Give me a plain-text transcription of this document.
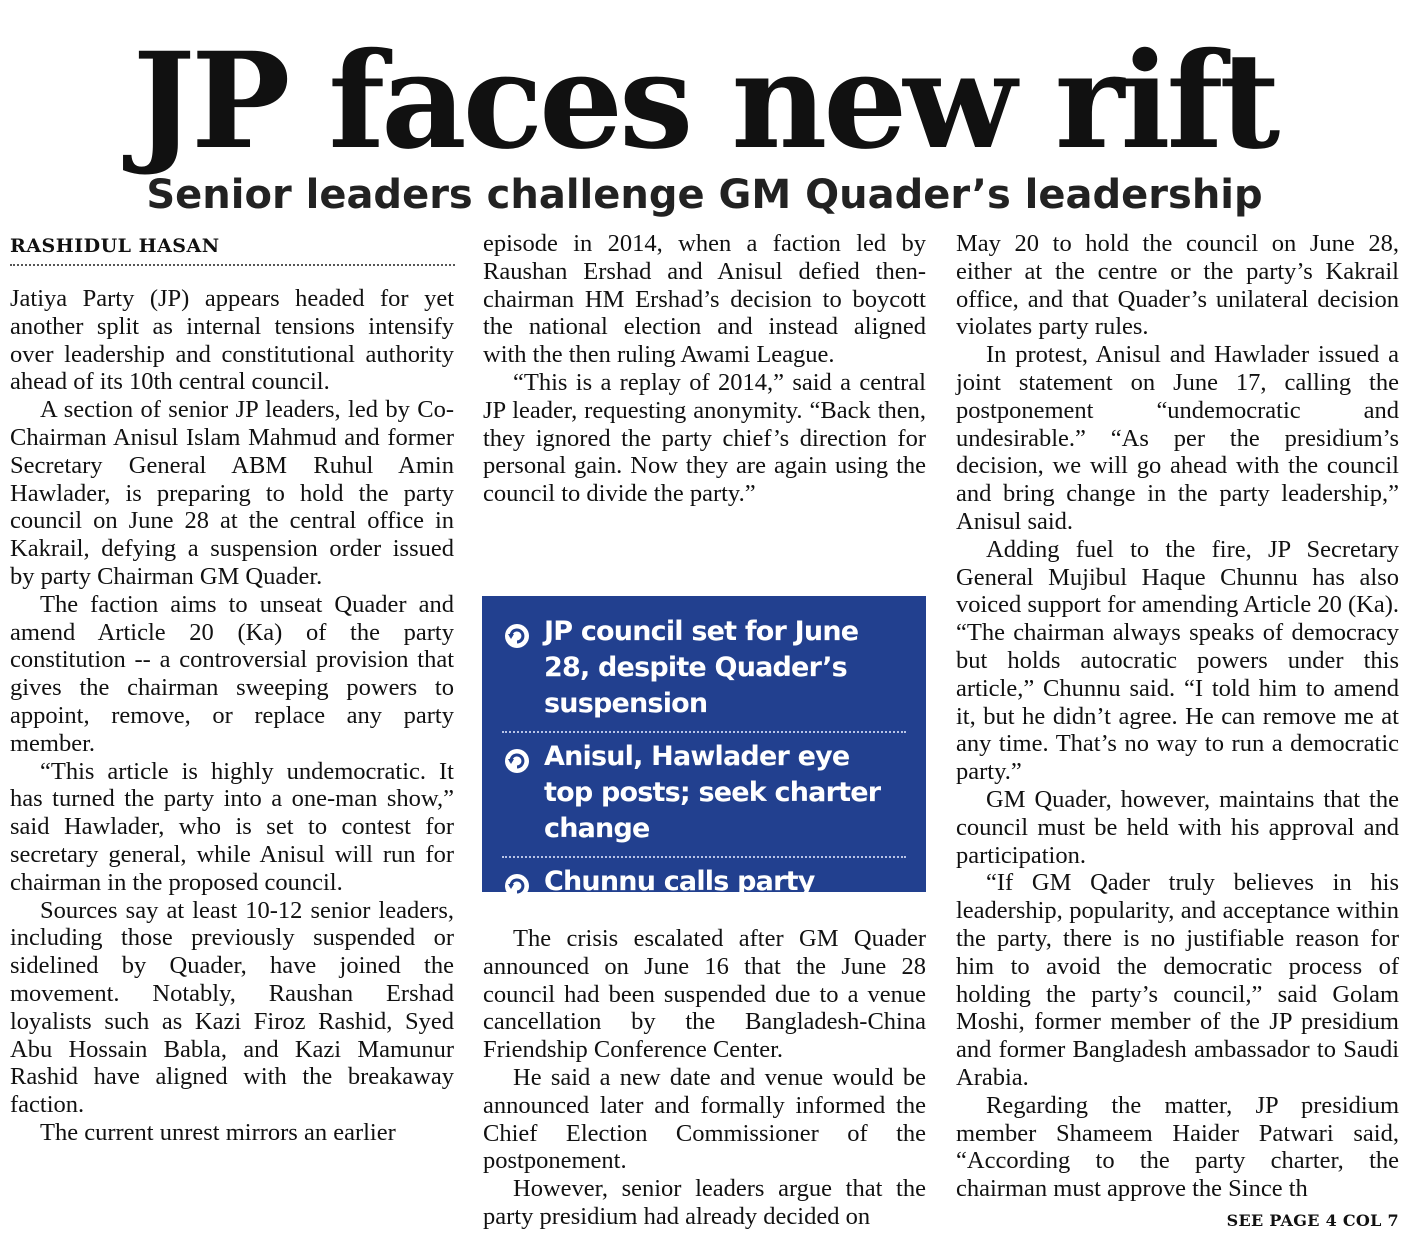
JP faces new rift
Senior leaders challenge GM Quader’s leadership
RASHIDUL HASAN

Jatiya Party (JP) appears headed for yet another split as internal tensions intensify over leadership and constitutional authority ahead of its 10th central council.

A section of senior JP leaders, led by Co-Chairman Anisul Islam Mahmud and former Secretary General ABM Ruhul Amin Hawlader, is preparing to hold the party council on June 28 at the central office in Kakrail, defying a suspension order issued by party Chairman GM Quader.

The faction aims to unseat Quader and amend Article 20 (Ka) of the party constitution -- a controversial provision that gives the chairman sweeping powers to appoint, remove, or replace any party member.

“This article is highly undemocratic. It has turned the party into a one-man show,” said Hawlader, who is set to contest for secretary general, while Anisul will run for chairman in the proposed council.

Sources say at least 10-12 senior leaders, including those previously suspended or sidelined by Quader, have joined the movement. Notably, Raushan Ershad loyalists such as Kazi Firoz Rashid, Syed Abu Hossain Babla, and Kazi Mamunur Rashid have aligned with the breakaway faction.

The current unrest mirrors an earlier

episode in 2014, when a faction led by Raushan Ershad and Anisul defied then-chairman HM Ershad’s decision to boycott the national election and instead aligned with the then ruling Awami League.

“This is a replay of 2014,” said a central JP leader, requesting anonymity. “Back then, they ignored the party chief’s direction for personal gain. Now they are again using the council to divide the party.”

JP council set for June 28, despite Quader’s suspension
Anisul, Hawlader eye top posts; seek charter change
Chunnu calls party leadership ‘autocratic’

The crisis escalated after GM Quader announced on June 16 that the June 28 council had been suspended due to a venue cancellation by the Bangladesh-China Friendship Conference Center.

He said a new date and venue would be announced later and formally informed the Chief Election Commissioner of the postponement.

However, senior leaders argue that the party presidium had already decided on

May 20 to hold the council on June 28, either at the centre or the party’s Kakrail office, and that Quader’s unilateral decision violates party rules.

In protest, Anisul and Hawlader issued a joint statement on June 17, calling the postponement “undemocratic and undesirable.” “As per the presidium’s decision, we will go ahead with the council and bring change in the party leadership,” Anisul said.

Adding fuel to the fire, JP Secretary General Mujibul Haque Chunnu has also voiced support for amending Article 20 (Ka). “The chairman always speaks of democracy but holds autocratic powers under this article,” Chunnu said. “I told him to amend it, but he didn’t agree. He can remove me at any time. That’s no way to run a democratic party.”

GM Quader, however, maintains that the council must be held with his approval and participation.

“If GM Qader truly believes in his leadership, popularity, and acceptance within the party, there is no justifiable reason for him to avoid the democratic process of holding the party’s council,” said Golam Moshi, former member of the JP presidium and former Bangladesh ambassador to Saudi Arabia.

Regarding the matter, JP presidium member Shameem Haider Patwari said, “According to the party charter, the chairman must approve the Since th

SEE PAGE 4 COL 7
